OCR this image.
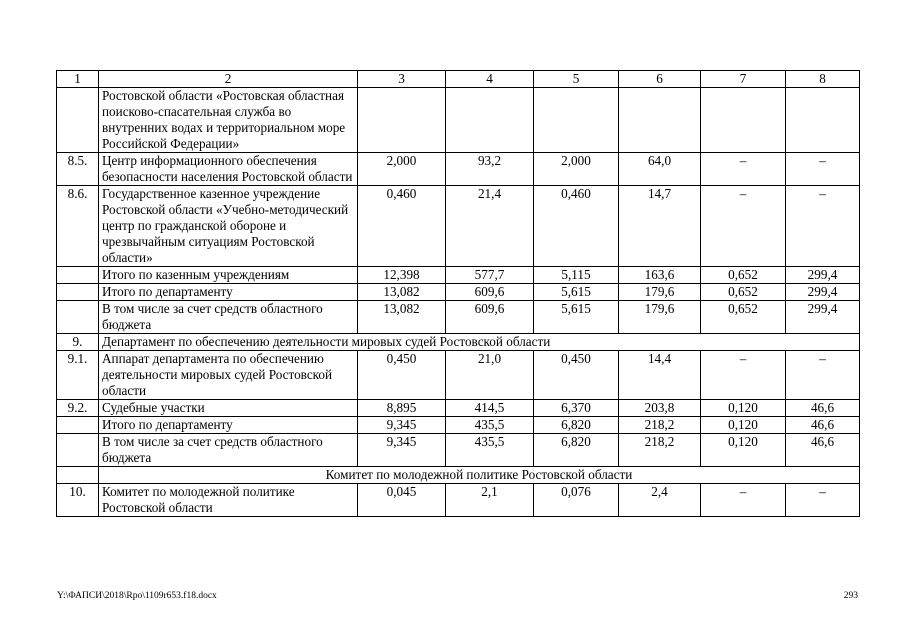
1	2	3	4	5	6	7	8
	Ростовской области «Ростовская областная поисково-спасательная служба во внутренних водах и территориальном море Российской Федерации»						
8.5.	Центр информационного обеспечения безопасности населения Ростовской области	2,000	93,2	2,000	64,0	–	–
8.6.	Государственное казенное учреждение Ростовской области «Учебно-методический центр по гражданской обороне и чрезвычайным ситуациям Ростовской области»	0,460	21,4	0,460	14,7	–	–
	Итого по казенным учреждениям	12,398	577,7	5,115	163,6	0,652	299,4
	Итого по департаменту	13,082	609,6	5,615	179,6	0,652	299,4
	В том числе за счет средств областного бюджета	13,082	609,6	5,615	179,6	0,652	299,4
9.	Департамент по обеспечению деятельности мировых судей Ростовской области						
9.1.	Аппарат департамента по обеспечению деятельности мировых судей Ростовской области	0,450	21,0	0,450	14,4	–	–
9.2.	Судебные участки	8,895	414,5	6,370	203,8	0,120	46,6
	Итого по департаменту	9,345	435,5	6,820	218,2	0,120	46,6
	В том числе за счет средств областного бюджета	9,345	435,5	6,820	218,2	0,120	46,6
	Комитет по молодежной политике Ростовской области						
10.	Комитет по молодежной политике Ростовской области	0,045	2,1	0,076	2,4	–	–
Y:\ФАПСИ\2018\Rpo\1109r653.f18.docx	293
